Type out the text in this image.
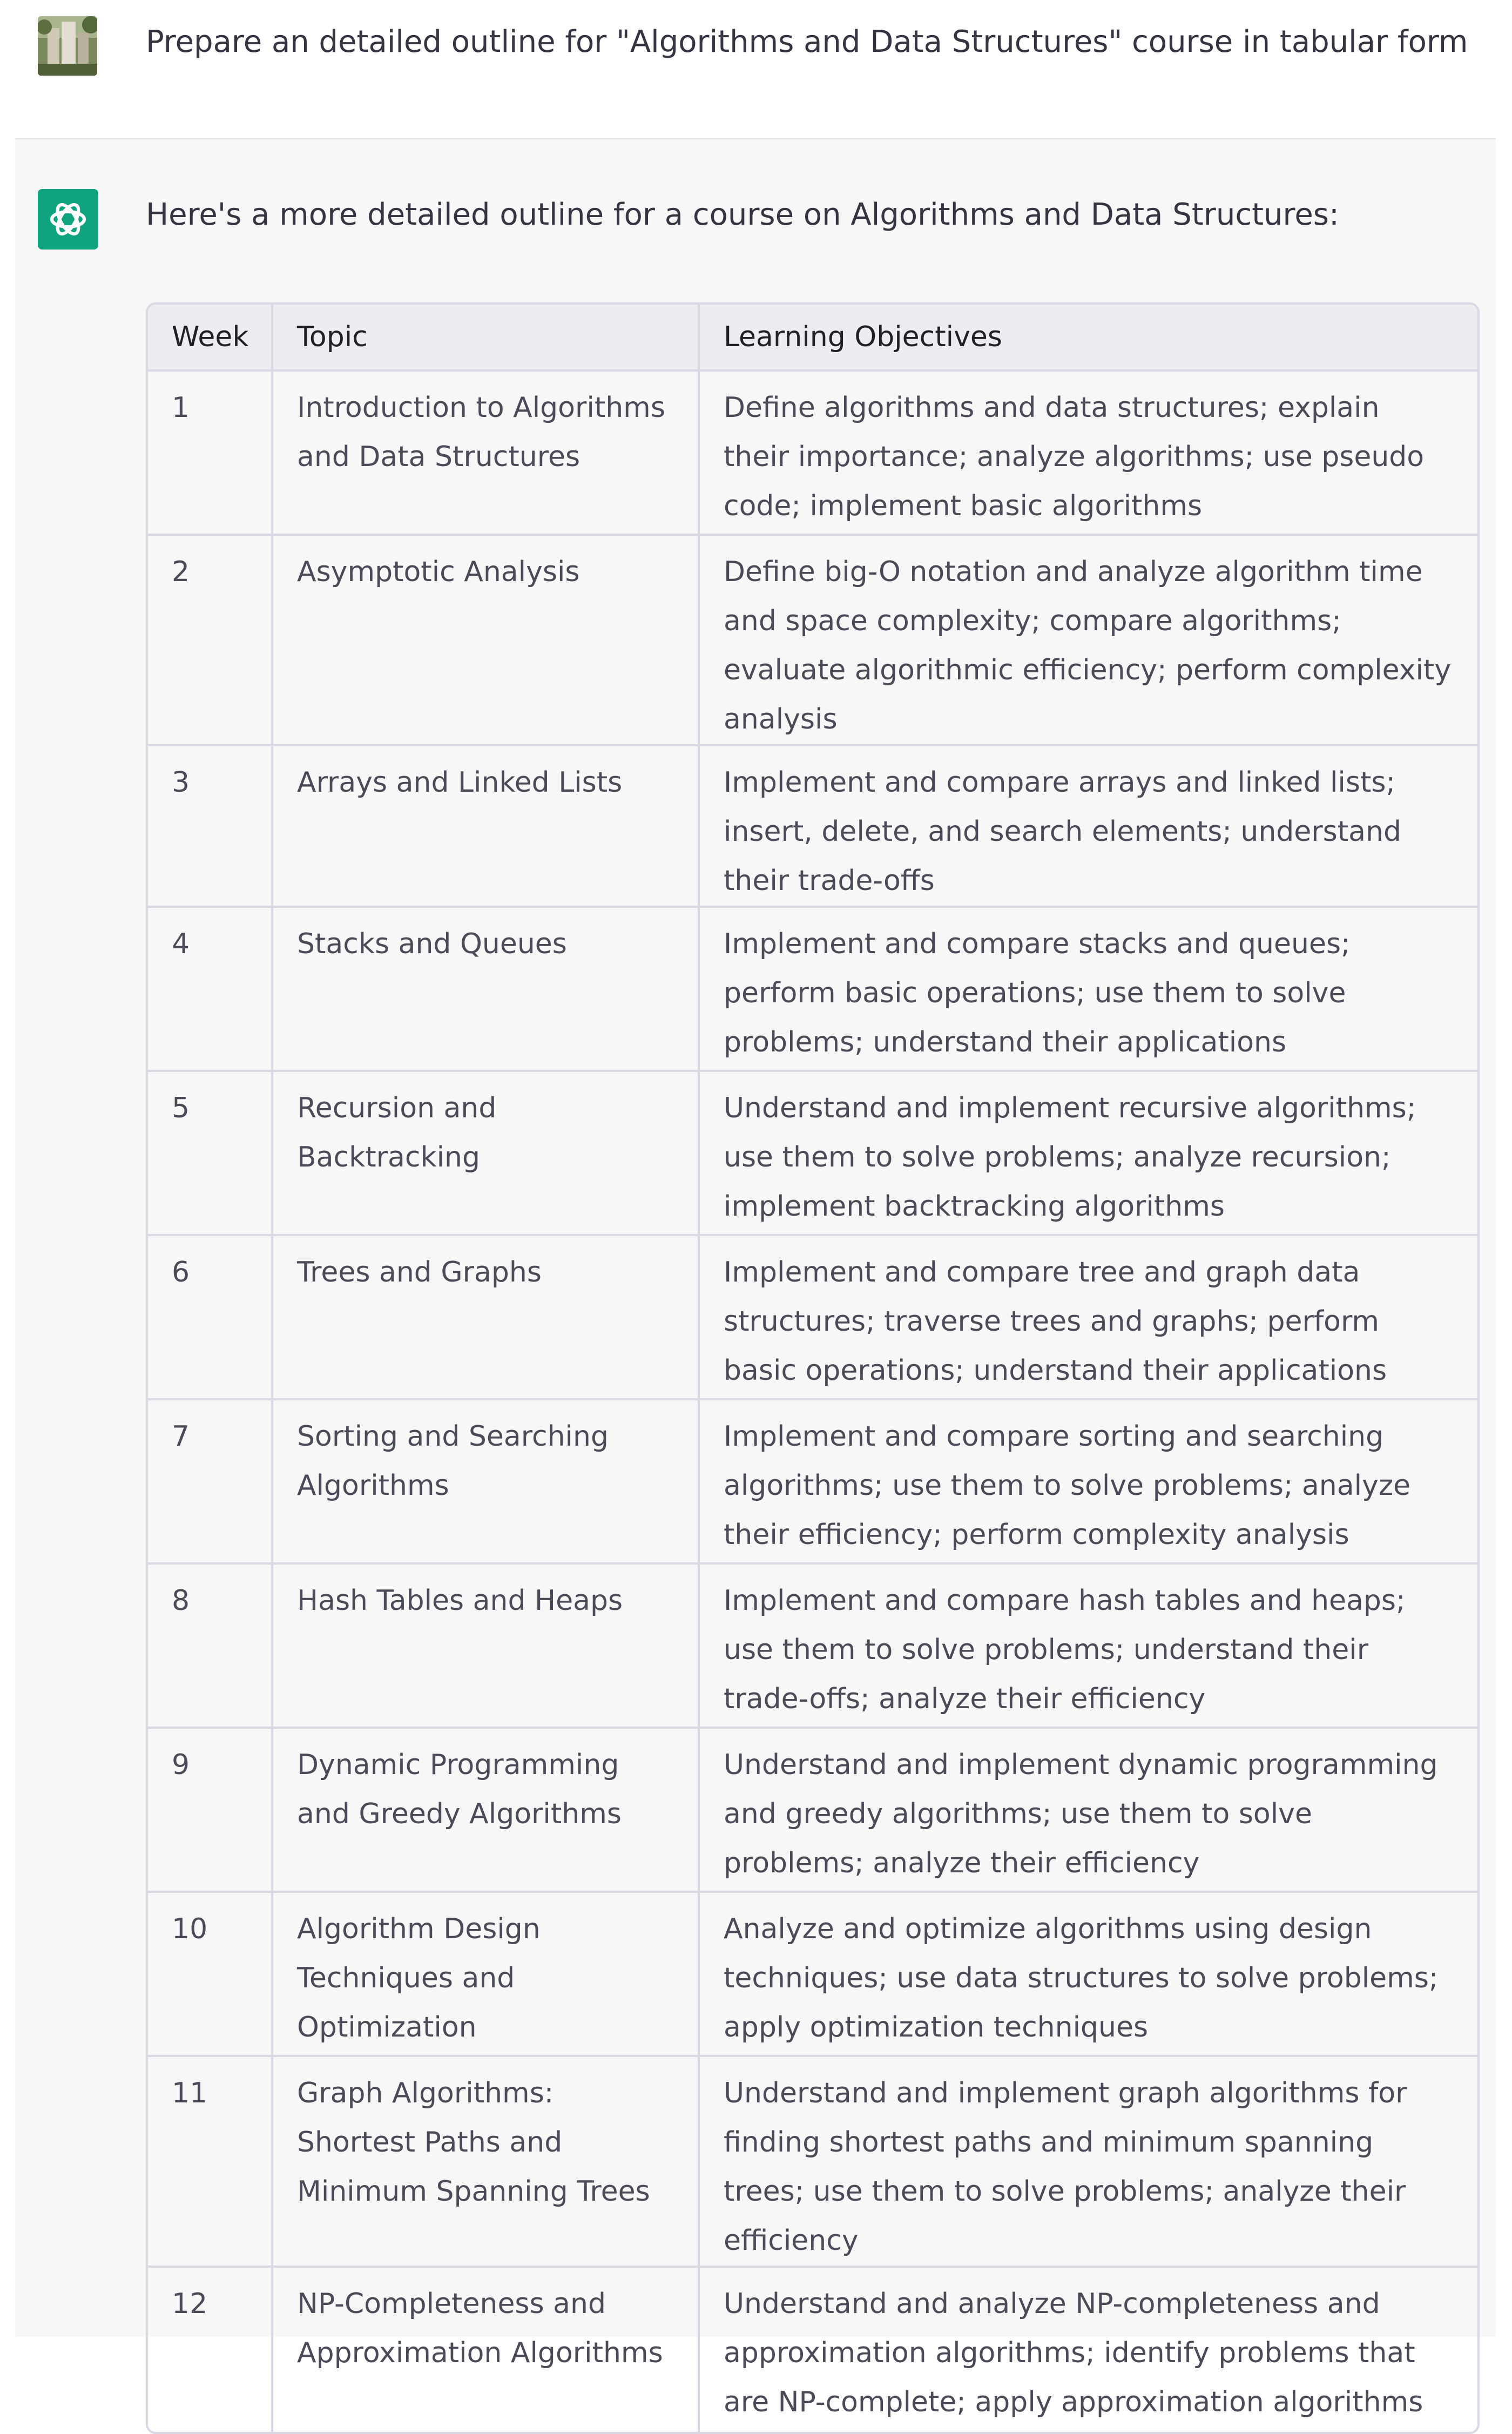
Prepare an detailed outline for "Algorithms and Data Structures" course in tabular form
Here's a more detailed outline for a course on Algorithms and Data Structures:
Week	Topic	Learning Objectives
1	Introduction to Algorithms and Data Structures	Define algorithms and data structures; explain their importance; analyze algorithms; use pseudo code; implement basic algorithms
2	Asymptotic Analysis	Define big-O notation and analyze algorithm time and space complexity; compare algorithms; evaluate algorithmic efficiency; perform complexity analysis
3	Arrays and Linked Lists	Implement and compare arrays and linked lists; insert, delete, and search elements; understand their trade-offs
4	Stacks and Queues	Implement and compare stacks and queues; perform basic operations; use them to solve problems; understand their applications
5	Recursion and Backtracking	Understand and implement recursive algorithms; use them to solve problems; analyze recursion; implement backtracking algorithms
6	Trees and Graphs	Implement and compare tree and graph data structures; traverse trees and graphs; perform basic operations; understand their applications
7	Sorting and Searching Algorithms	Implement and compare sorting and searching algorithms; use them to solve problems; analyze their efficiency; perform complexity analysis
8	Hash Tables and Heaps	Implement and compare hash tables and heaps; use them to solve problems; understand their trade-offs; analyze their efficiency
9	Dynamic Programming and Greedy Algorithms	Understand and implement dynamic programming and greedy algorithms; use them to solve problems; analyze their efficiency
10	Algorithm Design Techniques and Optimization	Analyze and optimize algorithms using design techniques; use data structures to solve problems; apply optimization techniques
11	Graph Algorithms: Shortest Paths and Minimum Spanning Trees	Understand and implement graph algorithms for finding shortest paths and minimum spanning trees; use them to solve problems; analyze their efficiency
12	NP-Completeness and Approximation Algorithms	Understand and analyze NP-completeness and approximation algorithms; identify problems that are NP-complete; apply approximation algorithms
